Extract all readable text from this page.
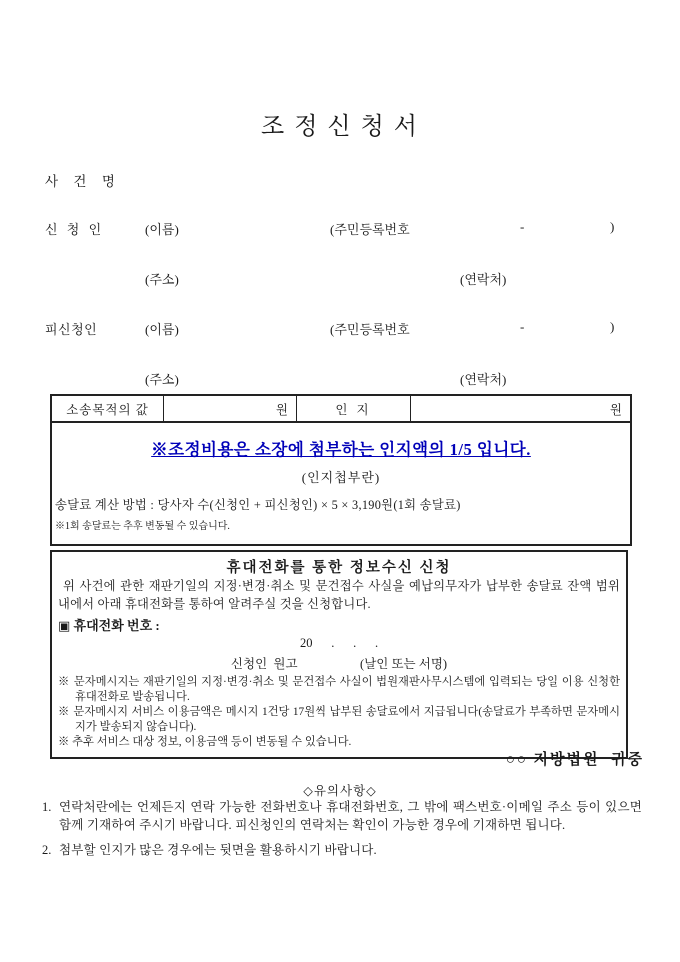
조 정 신 청 서
사 건 명
신 청 인	(이름)	(주민등록번호	-	)
(주소)	(연락처)
피신청인	(이름)	(주민등록번호	-	)
(주소)	(연락처)
소송목적의 값	원	인 지	원
※조정비용은 소장에 첨부하는 인지액의 1/5 입니다.
(인지첩부란)
송달료 계산 방법 : 당사자 수(신청인 + 피신청인) × 5 × 3,190원(1회 송달료)
※1회 송달료는 추후 변동될 수 있습니다.
휴대전화를 통한 정보수신 신청
위 사건에 관한 재판기일의 지정·변경·취소 및 문건접수 사실을 예납의무자가 납부한 송달료 잔액 범위 내에서 아래 휴대전화를 통하여 알려주실 것을 신청합니다.
▣ 휴대전화 번호 :
20      .      .      .
신청인  원고                    (날인 또는 서명)
※ 문자메시지는 재판기일의 지정·변경·취소 및 문건접수 사실이 법원재판사무시스템에 입력되는 당일 이용 신청한 휴대전화로 발송됩니다.
※ 문자메시지 서비스 이용금액은 메시지 1건당 17원씩 납부된 송달료에서 지급됩니다(송달료가 부족하면 문자메시지가 발송되지 않습니다).
※ 추후 서비스 대상 정보, 이용금액 등이 변동될 수 있습니다.
○○ 지방법원  귀중
◇유의사항◇
1. 연락처란에는 언제든지 연락 가능한 전화번호나 휴대전화번호, 그 밖에 팩스번호·이메일 주소 등이 있으면 함께 기재하여 주시기 바랍니다. 피신청인의 연락처는 확인이 가능한 경우에 기재하면 됩니다.
2. 첨부할 인지가 많은 경우에는 뒷면을 활용하시기 바랍니다.
